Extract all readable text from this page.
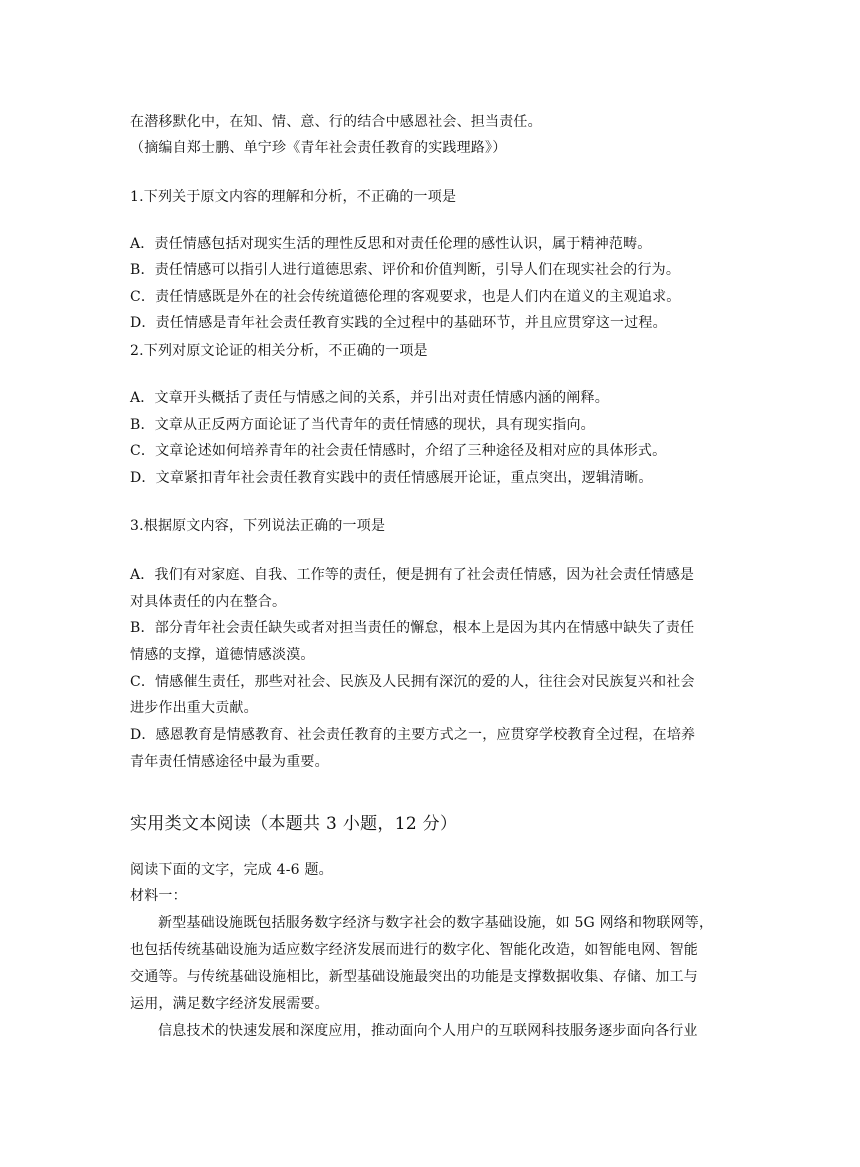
在潜移默化中，在知、情、意、行的结合中感恩社会、担当责任。
（摘编自郑士鹏、单宁珍《青年社会责任教育的实践理路》）
1.下列关于原文内容的理解和分析，不正确的一项是
A．责任情感包括对现实生活的理性反思和对责任伦理的感性认识，属于精神范畴。
B．责任情感可以指引人进行道德思索、评价和价值判断，引导人们在现实社会的行为。
C．责任情感既是外在的社会传统道德伦理的客观要求，也是人们内在道义的主观追求。
D．责任情感是青年社会责任教育实践的全过程中的基础环节，并且应贯穿这一过程。
2.下列对原文论证的相关分析，不正确的一项是
A．文章开头概括了责任与情感之间的关系，并引出对责任情感内涵的阐释。
B．文章从正反两方面论证了当代青年的责任情感的现状，具有现实指向。
C．文章论述如何培养青年的社会责任情感时，介绍了三种途径及相对应的具体形式。
D．文章紧扣青年社会责任教育实践中的责任情感展开论证，重点突出，逻辑清晰。
3.根据原文内容，下列说法正确的一项是
A．我们有对家庭、自我、工作等的责任，便是拥有了社会责任情感，因为社会责任情感是
对具体责任的内在整合。
B．部分青年社会责任缺失或者对担当责任的懈怠，根本上是因为其内在情感中缺失了责任
情感的支撑，道德情感淡漠。
C．情感催生责任，那些对社会、民族及人民拥有深沉的爱的人，往往会对民族复兴和社会
进步作出重大贡献。
D．感恩教育是情感教育、社会责任教育的主要方式之一，应贯穿学校教育全过程，在培养
青年责任情感途径中最为重要。
实用类文本阅读（本题共 3 小题，12 分）
阅读下面的文字，完成 4-6 题。
材料一：
新型基础设施既包括服务数字经济与数字社会的数字基础设施，如 5G 网络和物联网等，
也包括传统基础设施为适应数字经济发展而进行的数字化、智能化改造，如智能电网、智能
交通等。与传统基础设施相比，新型基础设施最突出的功能是支撑数据收集、存储、加工与
运用，满足数字经济发展需要。
信息技术的快速发展和深度应用，推动面向个人用户的互联网科技服务逐步面向各行业
